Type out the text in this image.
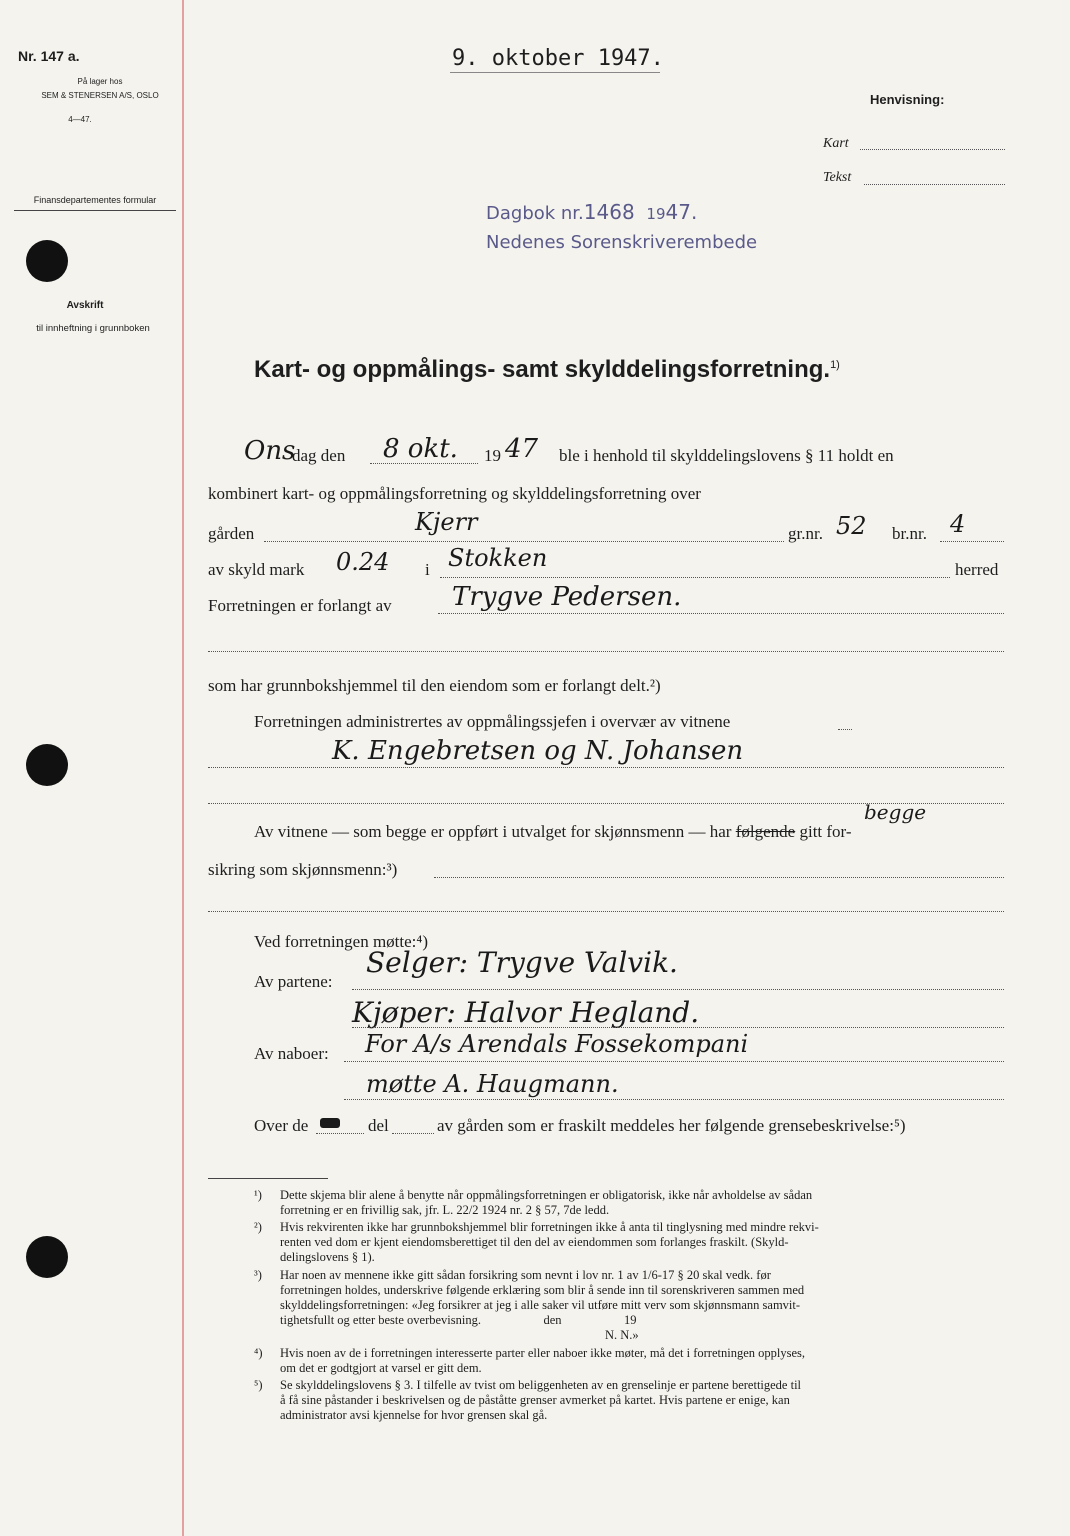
Nr. 147 a.
På lager hos
SEM & STENERSEN A/S, OSLO
4—47.
Finansdepartementes formular
Avskrift
til innheftning i grunnboken
9. oktober 1947.
Henvisning:
Kart
Tekst
Dagbok nr.1468 1947.
Nedenes Sorenskriverembede
Kart- og oppmålings- samt skylddelingsforretning.$^{1)}$
Ons
dag den 8 okt. 19 47 ble i henhold til skylddelingslovens § 11 holdt en
kombinert kart- og oppmålingsforretning og skylddelingsforretning over
gården	Kjerr	gr.nr. 52 br.nr. 4
av skyld mark 0.24 i Stokken	herred
Forretningen er forlangt av Trygve Pedersen.
som har grunnbokshjemmel til den eiendom som er forlangt delt.²)
Forretningen administrertes av oppmålingssjefen i overvær av vitnene
K. Engebretsen og N. Johansen
begge
Av vitnene — som begge er oppført i utvalget for skjønnsmenn — har følgende gitt for-
sikring som skjønnsmenn:³)
Ved forretningen møtte:⁴)
Av partene:
Selger: Trygve Valvik.
Kjøper: Halvor Hegland.
Av naboer: For A/s Arendals Fossekompani
møtte A. Haugmann.
Over de	del	av gården som er fraskilt meddeles her følgende grensebeskrivelse:⁵)
¹) Dette skjema blir alene å benytte når oppmålingsforretningen er obligatorisk, ikke når avholdelse av sådan
forretning er en frivillig sak, jfr. L. 22/2 1924 nr. 2 § 57, 7de ledd.
²) Hvis rekvirenten ikke har grunnbokshjemmel blir forretningen ikke å anta til tinglysning med mindre rekvi-
renten ved dom er kjent eiendomsberettiget til den del av eiendommen som forlanges fraskilt. (Skyld-
delingslovens § 1).
³) Har noen av mennene ikke gitt sådan forsikring som nevnt i lov nr. 1 av 1/6-17 § 20 skal vedk. før
forretningen holdes, underskrive følgende erklæring som blir å sende inn til sorenskriveren sammen med
skylddelingsforretningen: «Jeg forsikrer at jeg i alle saker vil utføre mitt verv som skjønnsmann samvit-
tighetsfullt og etter beste overbevisning.                    den                    19
N. N.»
⁴) Hvis noen av de i forretningen interesserte parter eller naboer ikke møter, må det i forretningen opplyses,
om det er godtgjort at varsel er gitt dem.
⁵) Se skylddelingslovens § 3. I tilfelle av tvist om beliggenheten av en grenselinje er partene berettigede til
å få sine påstander i beskrivelsen og de påståtte grenser avmerket på kartet. Hvis partene er enige, kan
administrator avsi kjennelse for hvor grensen skal gå.
